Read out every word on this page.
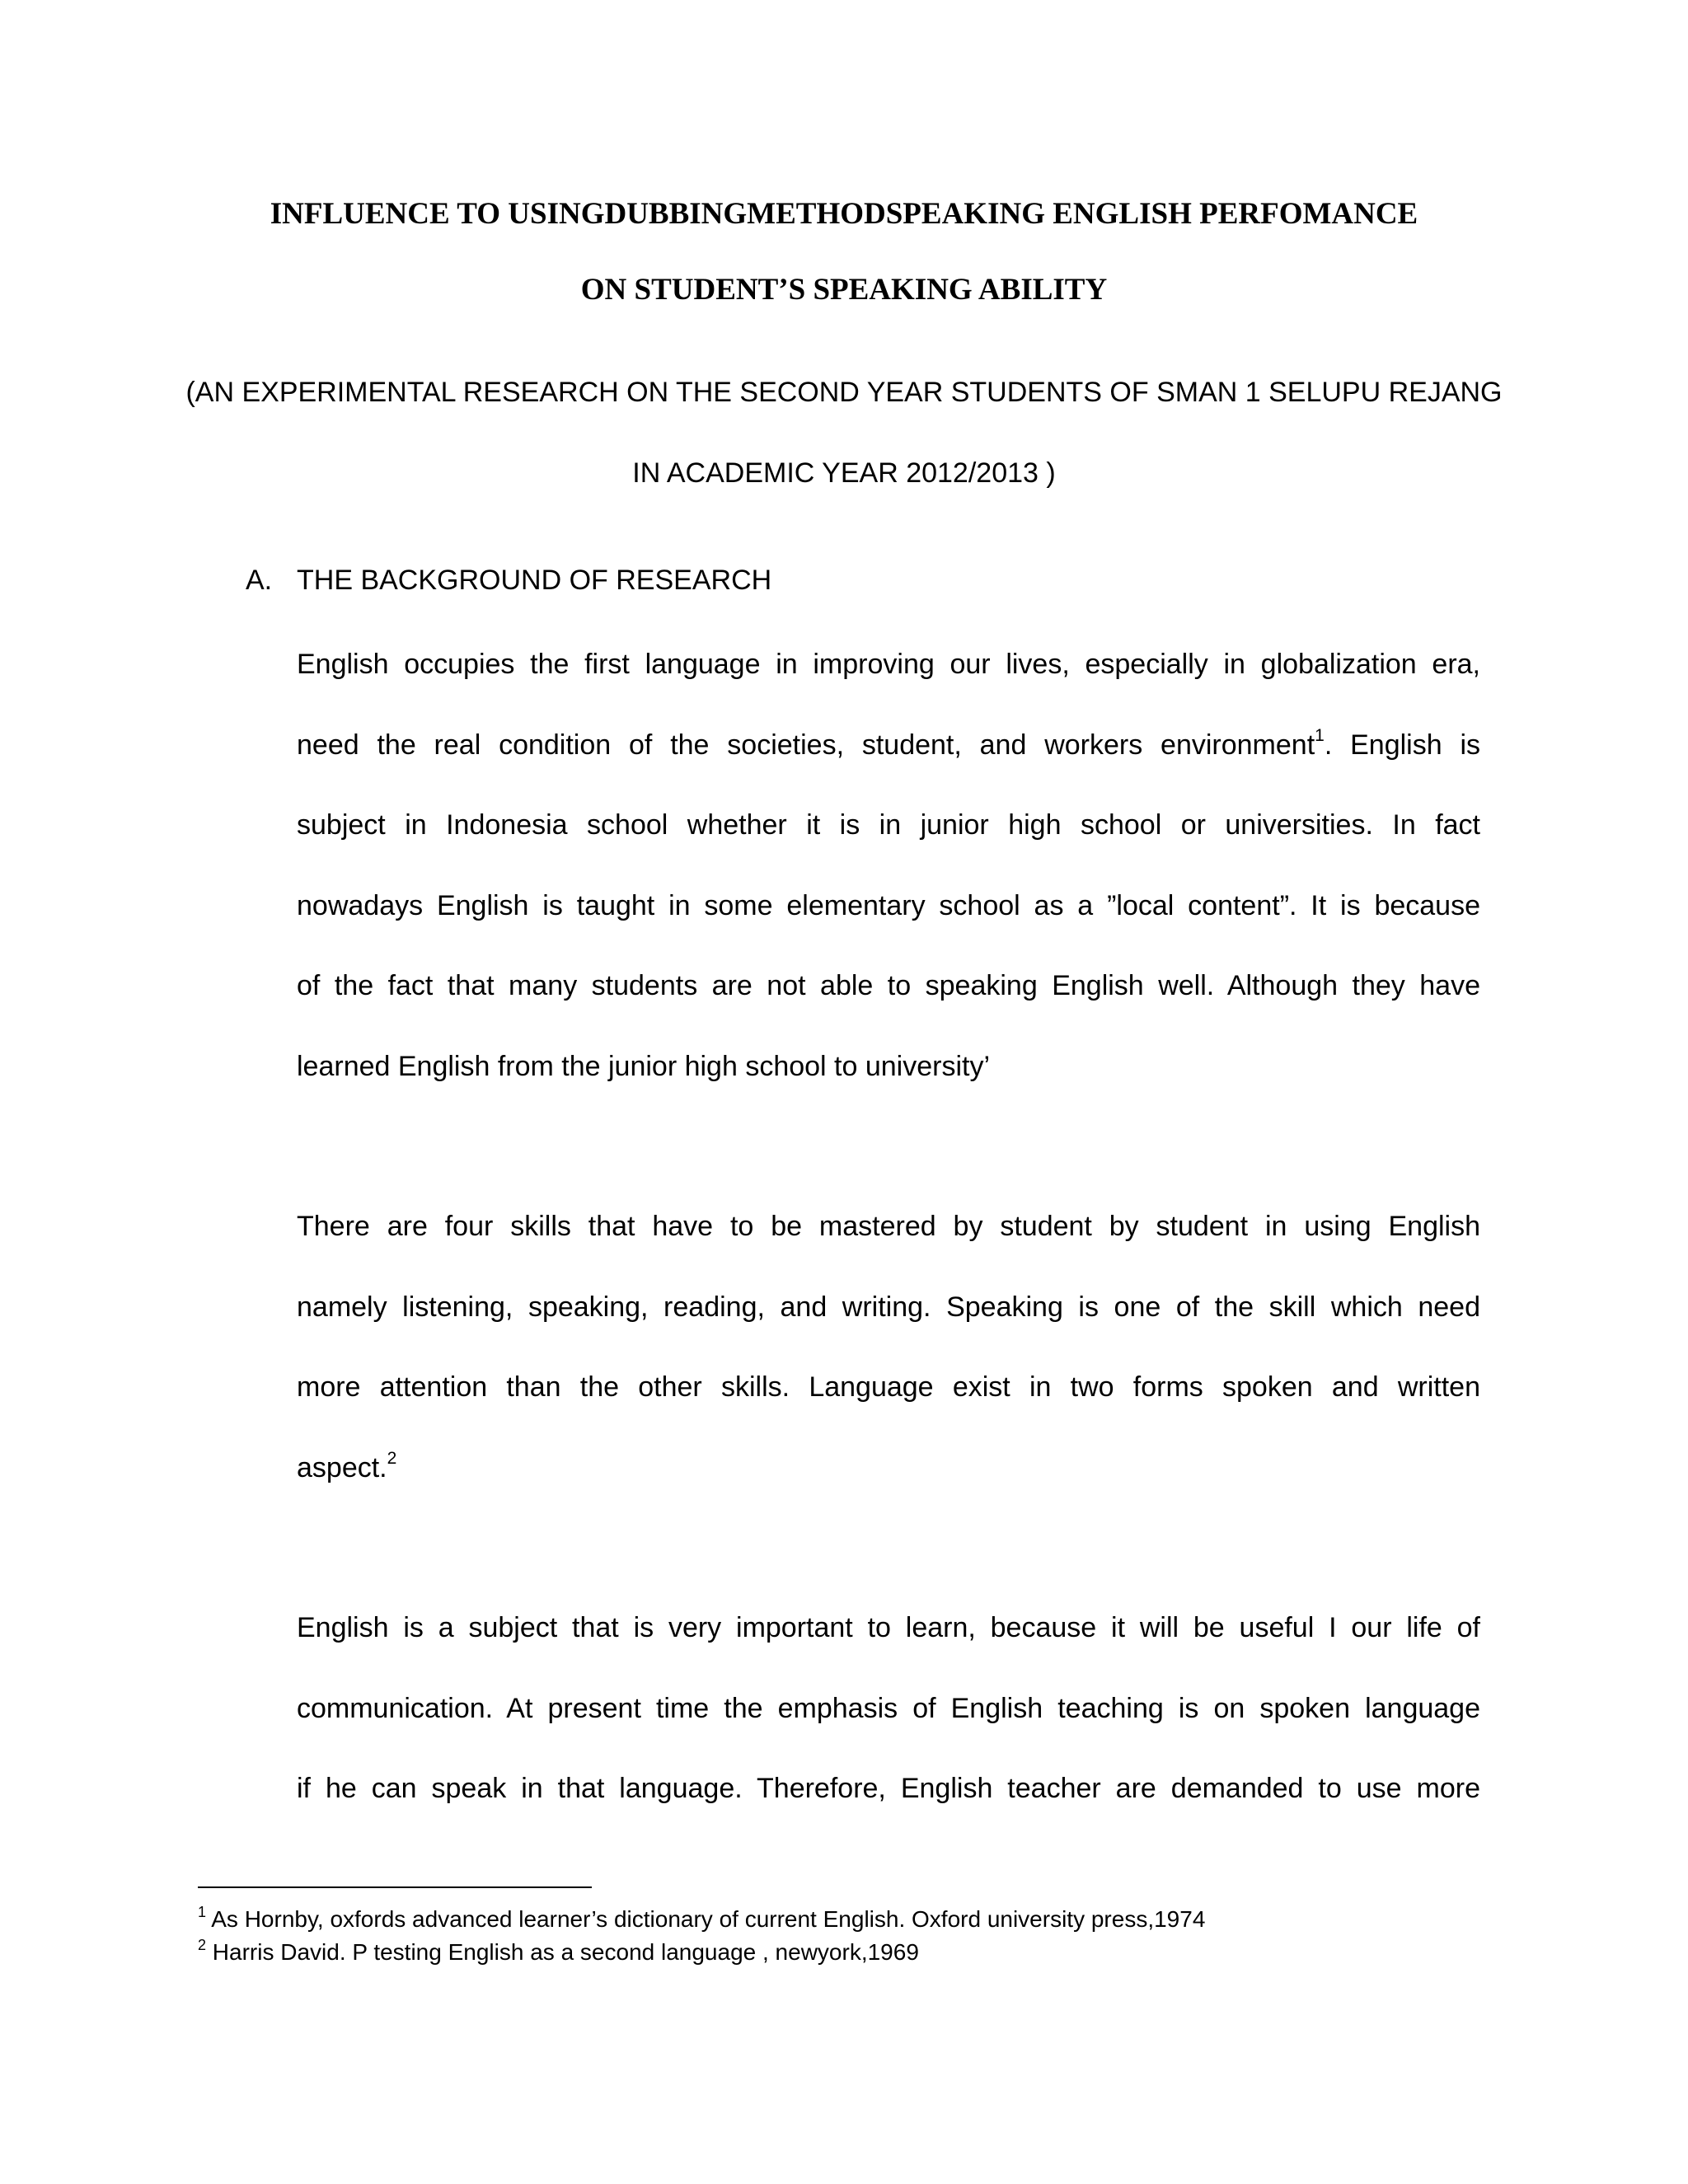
INFLUENCE TO USINGDUBBINGMETHODSPEAKING ENGLISH PERFOMANCE
ON STUDENT’S SPEAKING ABILITY
(AN EXPERIMENTAL RESEARCH ON THE SECOND YEAR STUDENTS OF SMAN 1 SELUPU REJANG
IN ACADEMIC YEAR 2012/2013 )
A. THE BACKGROUND OF RESEARCH
English occupies the first language in improving our lives, especially in globalization era,
need the real condition of the societies, student, and workers environment$^1$. English is
subject in Indonesia school whether it is in junior high school or universities. In fact
nowadays English is taught in some elementary school as a ”local content”. It is because
of the fact that many students are not able to speaking English well. Although they have
learned English from the junior high school to university’
There are four skills that have to be mastered by student by student in using English
namely listening, speaking, reading, and writing. Speaking is one of the skill which need
more attention than the other skills. Language exist in two forms spoken and written
aspect.$^2$
English is a subject that is very important to learn, because it will be useful I our life of
communication. At present time the emphasis of English teaching is on spoken language
if he can speak in that language. Therefore, English teacher are demanded to use more
$^1$ As Hornby, oxfords advanced learner’s dictionary of current English. Oxford university press,1974
$^2$ Harris David. P testing English as a second language , newyork,1969
